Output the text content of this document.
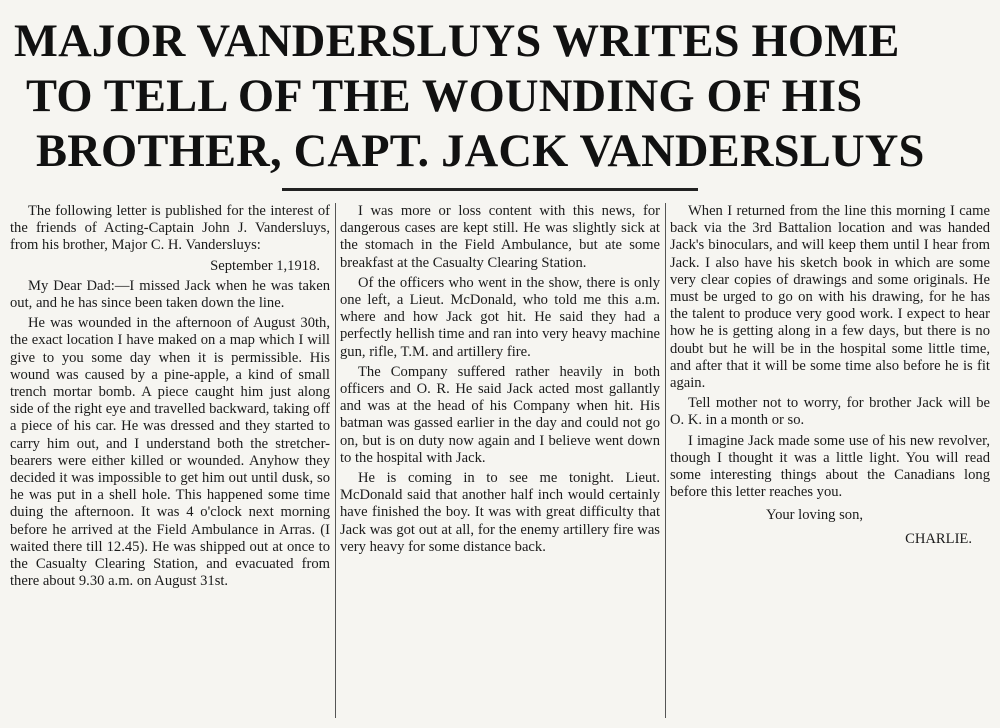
MAJOR VANDERSLUYS WRITES HOME
TO TELL OF THE WOUNDING OF HIS
BROTHER, CAPT. JACK VANDERSLUYS

The following letter is published for the interest of the friends of Acting-Captain John J. Vandersluys, from his brother, Major C. H. Vandersluys:

September 1,1918.

My Dear Dad:—I missed Jack when he was taken out, and he has since been taken down the line.

He was wounded in the afternoon of August 30th, the exact location I have maked on a map which I will give to you some day when it is permissible. His wound was caused by a pine-apple, a kind of small trench mortar bomb. A piece caught him just along side of the right eye and travelled backward, taking off a piece of his car. He was dressed and they started to carry him out, and I understand both the stretcher-bearers were either killed or wounded. Anyhow they decided it was impossible to get him out until dusk, so he was put in a shell hole. This happened some time duing the afternoon. It was 4 o'clock next morning before he arrived at the Field Ambulance in Arras. (I waited there till 12.45). He was shipped out at once to the Casualty Clearing Station, and evacuated from there about 9.30 a.m. on August 31st.

I was more or loss content with this news, for dangerous cases are kept still. He was slightly sick at the stomach in the Field Ambulance, but ate some breakfast at the Casualty Clearing Station.

Of the officers who went in the show, there is only one left, a Lieut. McDonald, who told me this a.m. where and how Jack got hit. He said they had a perfectly hellish time and ran into very heavy machine gun, rifle, T.M. and artillery fire.

The Company suffered rather heavily in both officers and O. R. He said Jack acted most gallantly and was at the head of his Company when hit. His batman was gassed earlier in the day and could not go on, but is on duty now again and I believe went down to the hospital with Jack.

He is coming in to see me tonight. Lieut. McDonald said that another half inch would certainly have finished the boy. It was with great difficulty that Jack was got out at all, for the enemy artillery fire was very heavy for some distance back.

When I returned from the line this morning I came back via the 3rd Battalion location and was handed Jack's binoculars, and will keep them until I hear from Jack. I also have his sketch book in which are some very clear copies of drawings and some originals. He must be urged to go on with his drawing, for he has the talent to produce very good work. I expect to hear how he is getting along in a few days, but there is no doubt but he will be in the hospital some little time, and after that it will be some time also before he is fit again.

Tell mother not to worry, for brother Jack will be O. K. in a month or so.

I imagine Jack made some use of his new revolver, though I thought it was a little light. You will read some interesting things about the Canadians long before this letter reaches you.

Your loving son,

CHARLIE.
